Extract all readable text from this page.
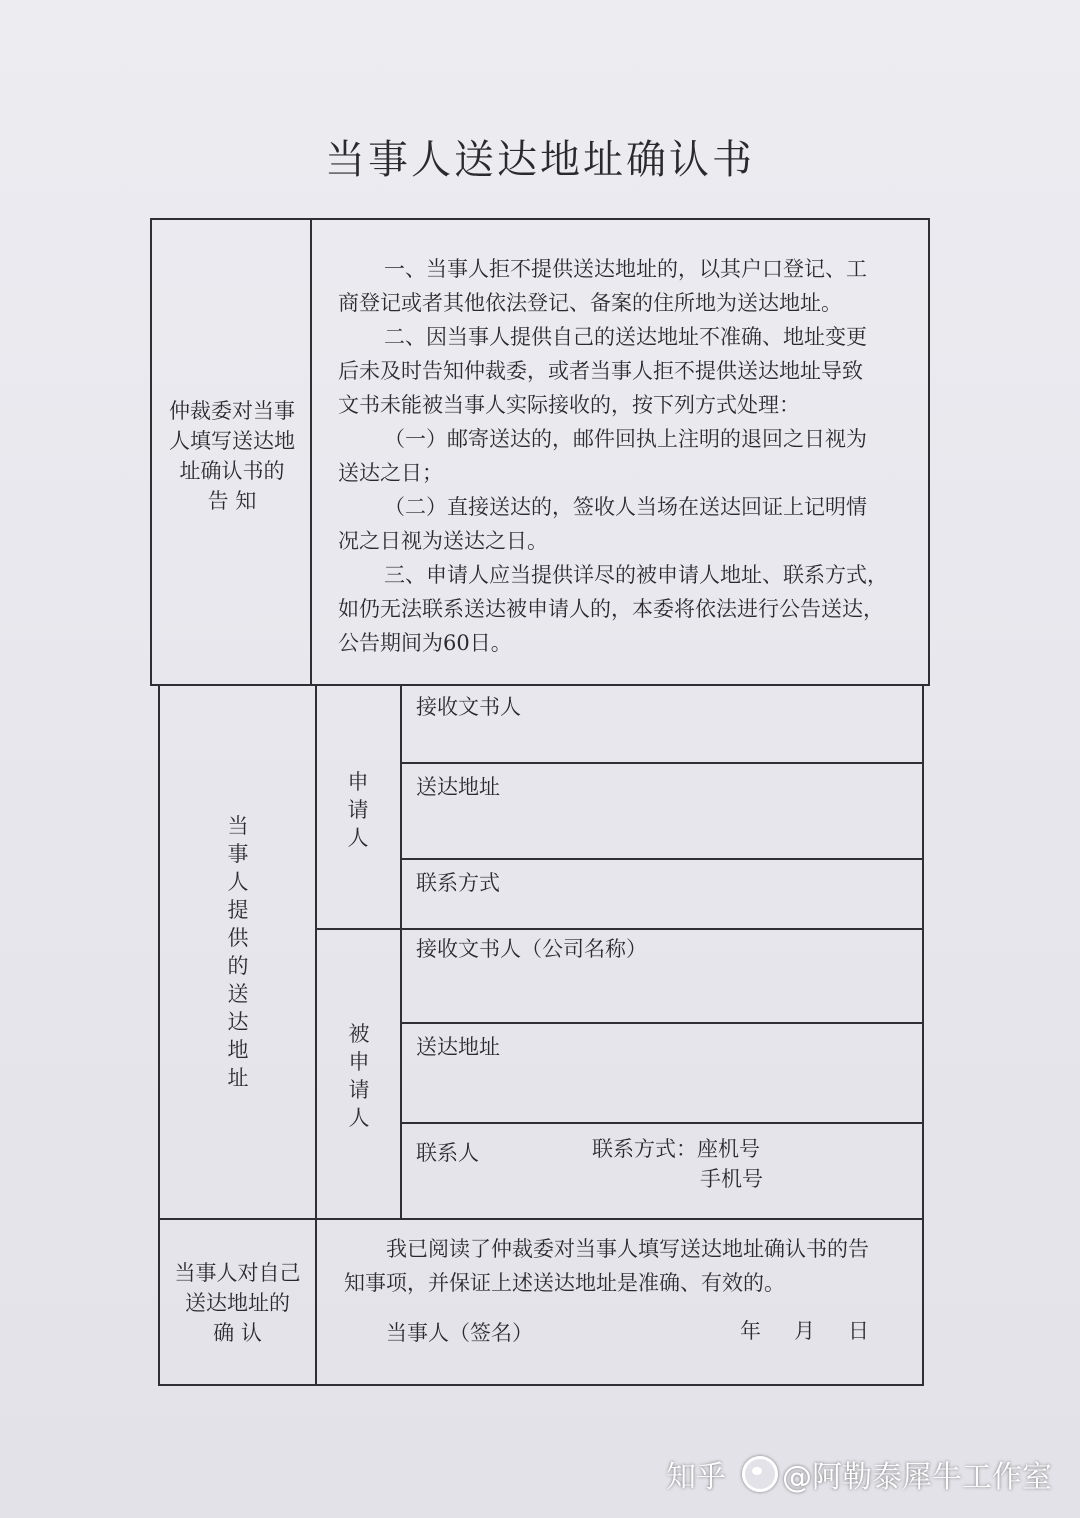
当事人送达地址确认书
仲裁委对当事
人填写送达地
址确认书的
告 知
一、当事人拒不提供送达地址的，以其户口登记、工
商登记或者其他依法登记、备案的住所地为送达地址。
二、因当事人提供自己的送达地址不准确、地址变更
后未及时告知仲裁委，或者当事人拒不提供送达地址导致
文书未能被当事人实际接收的，按下列方式处理：
（一）邮寄送达的，邮件回执上注明的退回之日视为
送达之日；
（二）直接送达的，签收人当场在送达回证上记明情
况之日视为送达之日。
三、申请人应当提供详尽的被申请人地址、联系方式，
如仍无法联系送达被申请人的，本委将依法进行公告送达，
公告期间为60日。
当事人提供的送达地址
申请人
接收文书人
送达地址
联系方式
被申请人
接收文书人（公司名称）
送达地址
联系人	联系方式：座机号
手机号
当事人对自己
送达地址的
确 认
我已阅读了仲裁委对当事人填写送达地址确认书的告
知事项，并保证上述送达地址是准确、有效的。
当事人（签名）	年 月 日
知乎 @阿勒泰犀牛工作室
